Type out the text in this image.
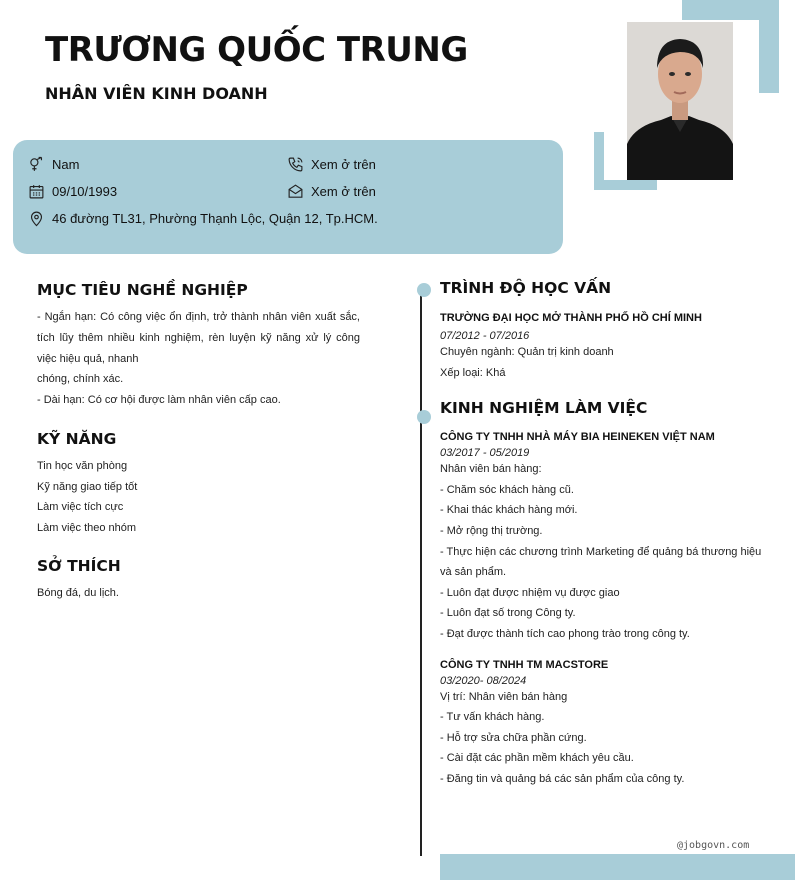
TRƯƠNG QUỐC TRUNG
NHÂN VIÊN KINH DOANH
Nam
09/10/1993
46 đường TL31, Phường Thạnh Lộc, Quận 12, Tp.HCM.
Xem ở trên
Xem ở trên
MỤC TIÊU NGHỀ NGHIỆP

- Ngắn hạn: Có công việc ổn định, trở thành nhân viên xuất sắc, tích lũy thêm nhiều kinh nghiệm, rèn luyện kỹ năng xử lý công việc hiệu quả, nhanh

chóng, chính xác.

- Dài hạn: Có cơ hội được làm nhân viên cấp cao.

KỸ NĂNG

Tin học văn phòng

Kỹ năng giao tiếp tốt

Làm việc tích cực

Làm việc theo nhóm

SỞ THÍCH

Bóng đá, du lịch.

TRÌNH ĐỘ HỌC VẤN

TRƯỜNG ĐẠI HỌC MỞ THÀNH PHỐ HỒ CHÍ MINH

07/2012 - 07/2016

Chuyên ngành: Quản trị kinh doanh

Xếp loại: Khá

KINH NGHIỆM LÀM VIỆC

CÔNG TY TNHH NHÀ MÁY BIA HEINEKEN VIỆT NAM

03/2017 - 05/2019

Nhân viên bán hàng:

- Chăm sóc khách hàng cũ.

- Khai thác khách hàng mới.

- Mở rộng thị trường.

- Thực hiện các chương trình Marketing để quảng bá thương hiệu và sản phẩm.

- Luôn đạt được nhiệm vụ được giao

- Luôn đạt số trong Công ty.

- Đạt được thành tích cao phong trào trong công ty.

CÔNG TY TNHH TM MACSTORE

03/2020- 08/2024

Vị trí: Nhân viên bán hàng

- Tư vấn khách hàng.

- Hỗ trợ sửa chữa phần cứng.

- Cài đặt các phần mềm khách yêu cầu.

- Đăng tin và quảng bá các sản phẩm của công ty.

@jobgovn.com
